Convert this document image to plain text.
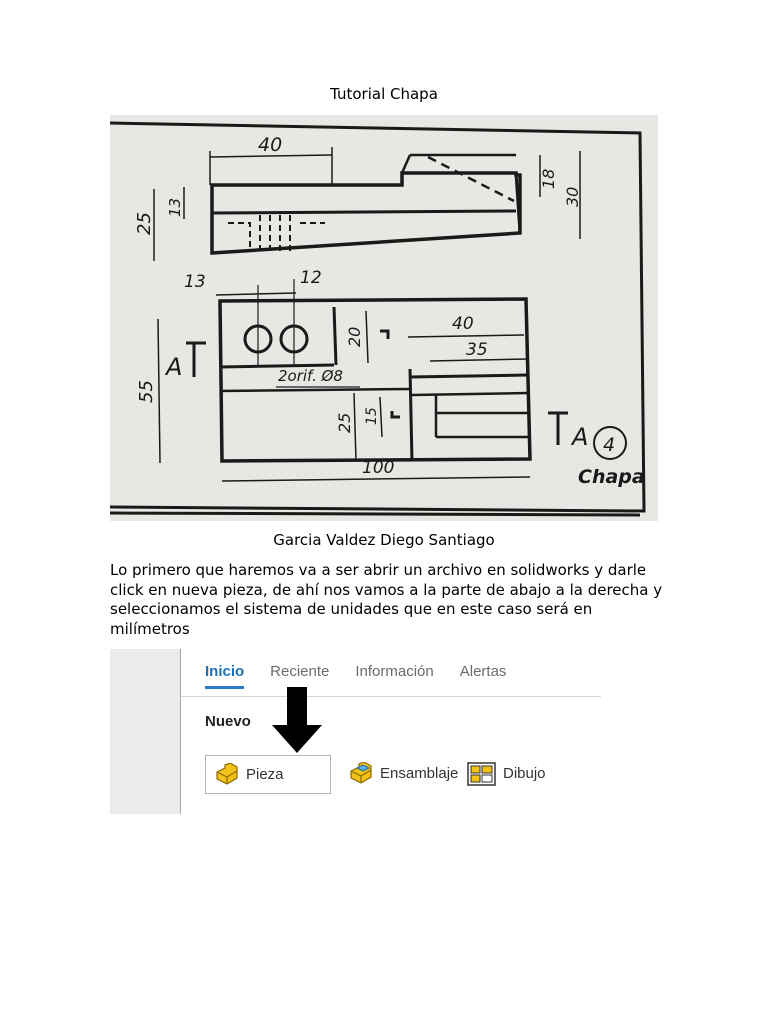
Tutorial Chapa
40
18
30
25
13
13	12
20
40
35
55
2orif. Ø8
25 15
100
A
A 4
Chapa
Garcia Valdez Diego Santiago
Lo primero que haremos va a ser abrir un archivo en solidworks y darle click en nueva pieza, de ahí nos vamos a la parte de abajo a la derecha y seleccionamos el sistema de unidades que en este caso será en milímetros
Inicio Reciente Información Alertas
Nuevo
Pieza	Ensamblaje	Dibujo
